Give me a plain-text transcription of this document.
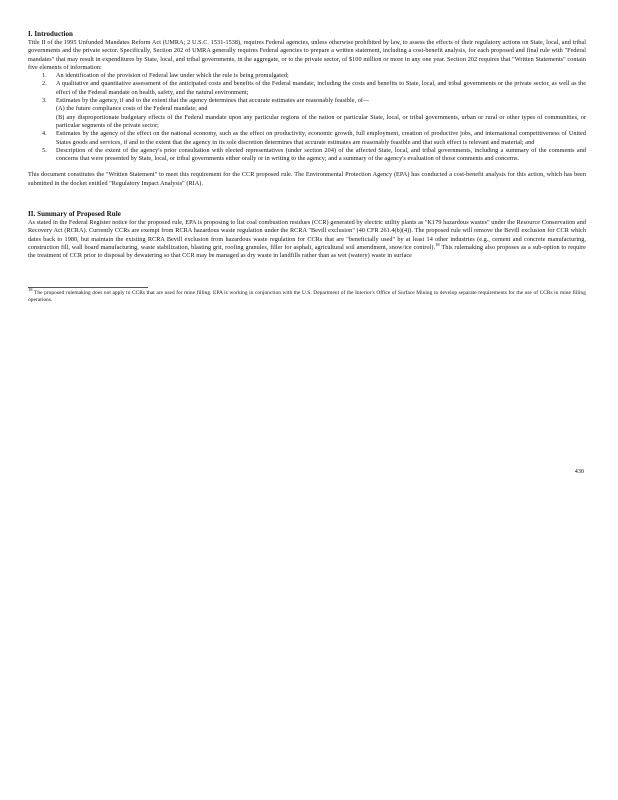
I. Introduction

Title II of the 1995 Unfunded Mandates Reform Act (UMRA; 2 U.S.C. 1531-1538), requires Federal agencies, unless otherwise prohibited by law, to assess the effects of their regulatory actions on State, local, and tribal governments and the private sector. Specifically, Section 202 of UMRA generally requires Federal agencies to prepare a written statement, including a cost-benefit analysis, for each proposed and final rule with "Federal mandates" that may result in expenditures by State, local, and tribal governments, in the aggregate, or to the private sector, of $100 million or more in any one year. Section 202 requires that "Written Statements" contain five elements of information:

1. An identification of the provision of Federal law under which the rule is being promulgated;
2. A qualitative and quantitative assessment of the anticipated costs and benefits of the Federal mandate, including the costs and benefits to State, local, and tribal governments or the private sector, as well as the effect of the Federal mandate on health, safety, and the natural environment;
3. Estimates by the agency, if and to the extent that the agency determines that accurate estimates are reasonably feasible, of—
(A) the future compliance costs of the Federal mandate; and
(B) any disproportionate budgetary effects of the Federal mandate upon any particular regions of the nation or particular State, local, or tribal governments, urban or rural or other types of communities, or particular segments of the private sector;
4. Estimates by the agency of the effect on the national economy, such as the effect on productivity, economic growth, full employment, creation of productive jobs, and international competitiveness of United States goods and services, if and to the extent that the agency in its sole discretion determines that accurate estimates are reasonably feasible and that such effect is relevant and material; and
5. Description of the extent of the agency's prior consultation with elected representatives (under section 204) of the affected State, local, and tribal governments, including a summary of the comments and concerns that were presented by State, local, or tribal governments either orally or in writing to the agency; and a summary of the agency's evaluation of those comments and concerns.

This document constitutes the "Written Statement" to meet this requirement for the CCR proposed rule. The Environmental Protection Agency (EPA) has conducted a cost-benefit analysis for this action, which has been submitted in the docket entitled "Regulatory Impact Analysis" (RIA).

II. Summary of Proposed Rule

As stated in the Federal Register notice for the proposed rule, EPA is proposing to list coal combustion residues (CCR) generated by electric utility plants as "K179 hazardous wastes" under the Resource Conservation and Recovery Act (RCRA). Currently CCRs are exempt from RCRA hazardous waste regulation under the RCRA "Bevill exclusion" (40 CFR 261.4(b)(4)). The proposed rule will remove the Bevill exclusion for CCR which dates back to 1980, but maintain the existing RCRA Bevill exclusion from hazardous waste regulation for CCRs that are "beneficially used" by at least 14 other industries (e.g., cement and concrete manufacturing, construction fill, wall board manufacturing, waste stabilization, blasting grit, roofing granules, filler for asphalt, agricultural soil amendment, snow/ice control).$^{18}$ This rulemaking also proposes as a sub-option to require the treatment of CCR prior to disposal by dewatering so that CCR may be managed as dry waste in landfills rather than as wet (watery) waste in surface

$^{18}$ The proposed rulemaking does not apply to CCRs that are used for mine filling. EPA is working in conjunction with the U.S. Department of the Interior's Office of Surface Mining to develop separate requirements for the use of CCRs in mine filling operations.

430
